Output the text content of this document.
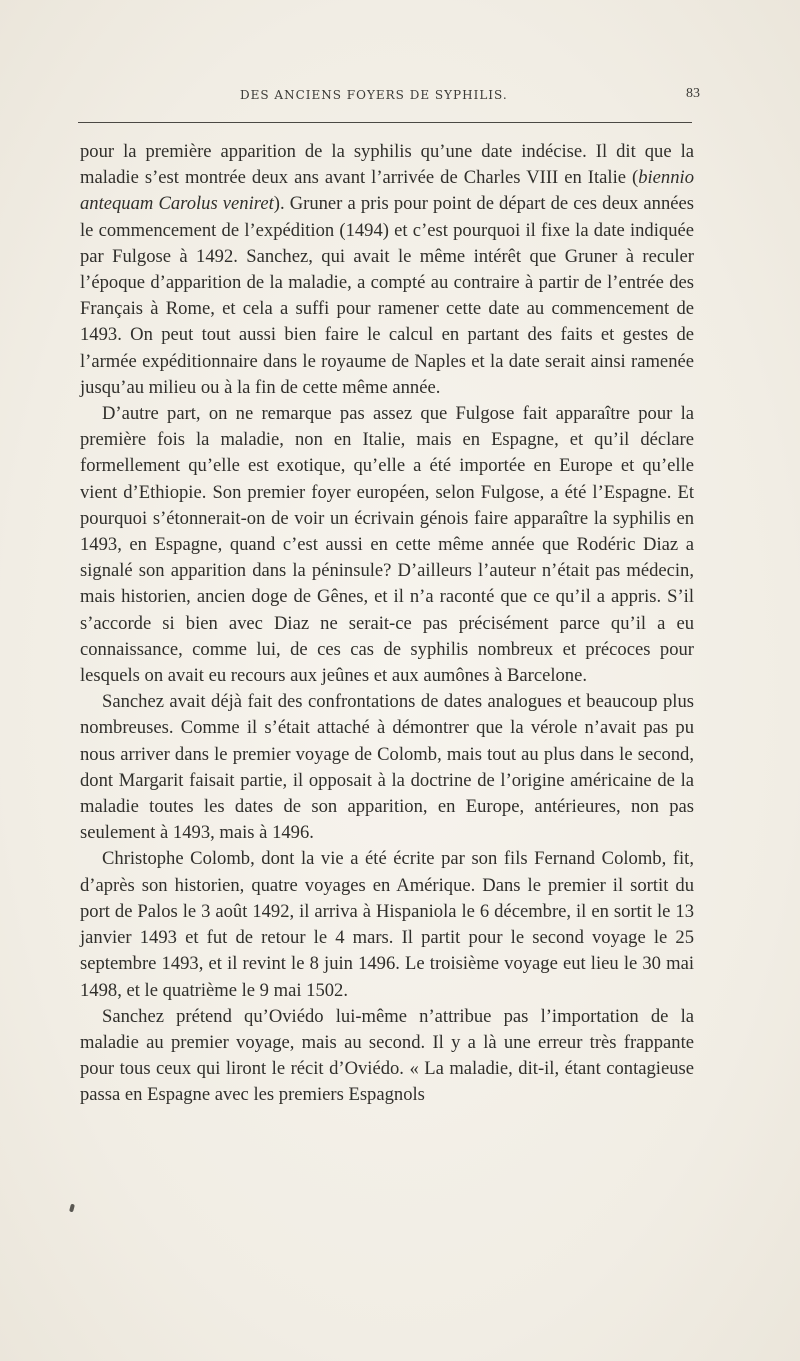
DES ANCIENS FOYERS DE SYPHILIS.	83

pour la première apparition de la syphilis qu’une date indécise. Il dit que la maladie s’est montrée deux ans avant l’arrivée de Charles VIII en Italie (biennio antequam Carolus veniret). Gruner a pris pour point de départ de ces deux années le commencement de l’expédition (1494) et c’est pourquoi il fixe la date indiquée par Fulgose à 1492. Sanchez, qui avait le même intérêt que Gruner à reculer l’époque d’apparition de la maladie, a compté au contraire à partir de l’entrée des Français à Rome, et cela a suffi pour ramener cette date au commencement de 1493. On peut tout aussi bien faire le calcul en partant des faits et gestes de l’armée expéditionnaire dans le royaume de Naples et la date serait ainsi ramenée jusqu’au milieu ou à la fin de cette même année.

D’autre part, on ne remarque pas assez que Fulgose fait apparaître pour la première fois la maladie, non en Italie, mais en Espagne, et qu’il déclare formellement qu’elle est exotique, qu’elle a été importée en Europe et qu’elle vient d’Ethiopie. Son premier foyer européen, selon Fulgose, a été l’Espagne. Et pourquoi s’étonnerait-on de voir un écrivain génois faire apparaître la syphilis en 1493, en Espagne, quand c’est aussi en cette même année que Rodéric Diaz a signalé son apparition dans la péninsule? D’ailleurs l’auteur n’était pas médecin, mais historien, ancien doge de Gênes, et il n’a raconté que ce qu’il a appris. S’il s’accorde si bien avec Diaz ne serait-ce pas précisément parce qu’il a eu connaissance, comme lui, de ces cas de syphilis nombreux et précoces pour lesquels on avait eu recours aux jeûnes et aux aumônes à Barcelone.

Sanchez avait déjà fait des confrontations de dates analogues et beaucoup plus nombreuses. Comme il s’était attaché à démontrer que la vérole n’avait pas pu nous arriver dans le premier voyage de Colomb, mais tout au plus dans le second, dont Margarit faisait partie, il opposait à la doctrine de l’origine américaine de la maladie toutes les dates de son apparition, en Europe, antérieures, non pas seulement à 1493, mais à 1496.

Christophe Colomb, dont la vie a été écrite par son fils Fernand Colomb, fit, d’après son historien, quatre voyages en Amérique. Dans le premier il sortit du port de Palos le 3 août 1492, il arriva à Hispaniola le 6 décembre, il en sortit le 13 janvier 1493 et fut de retour le 4 mars. Il partit pour le second voyage le 25 septembre 1493, et il revint le 8 juin 1496. Le troisième voyage eut lieu le 30 mai 1498, et le quatrième le 9 mai 1502.

Sanchez prétend qu’Oviédo lui-même n’attribue pas l’importation de la maladie au premier voyage, mais au second. Il y a là une erreur très frappante pour tous ceux qui liront le récit d’Oviédo. « La maladie, dit-il, étant contagieuse passa en Espagne avec les premiers Espagnols
